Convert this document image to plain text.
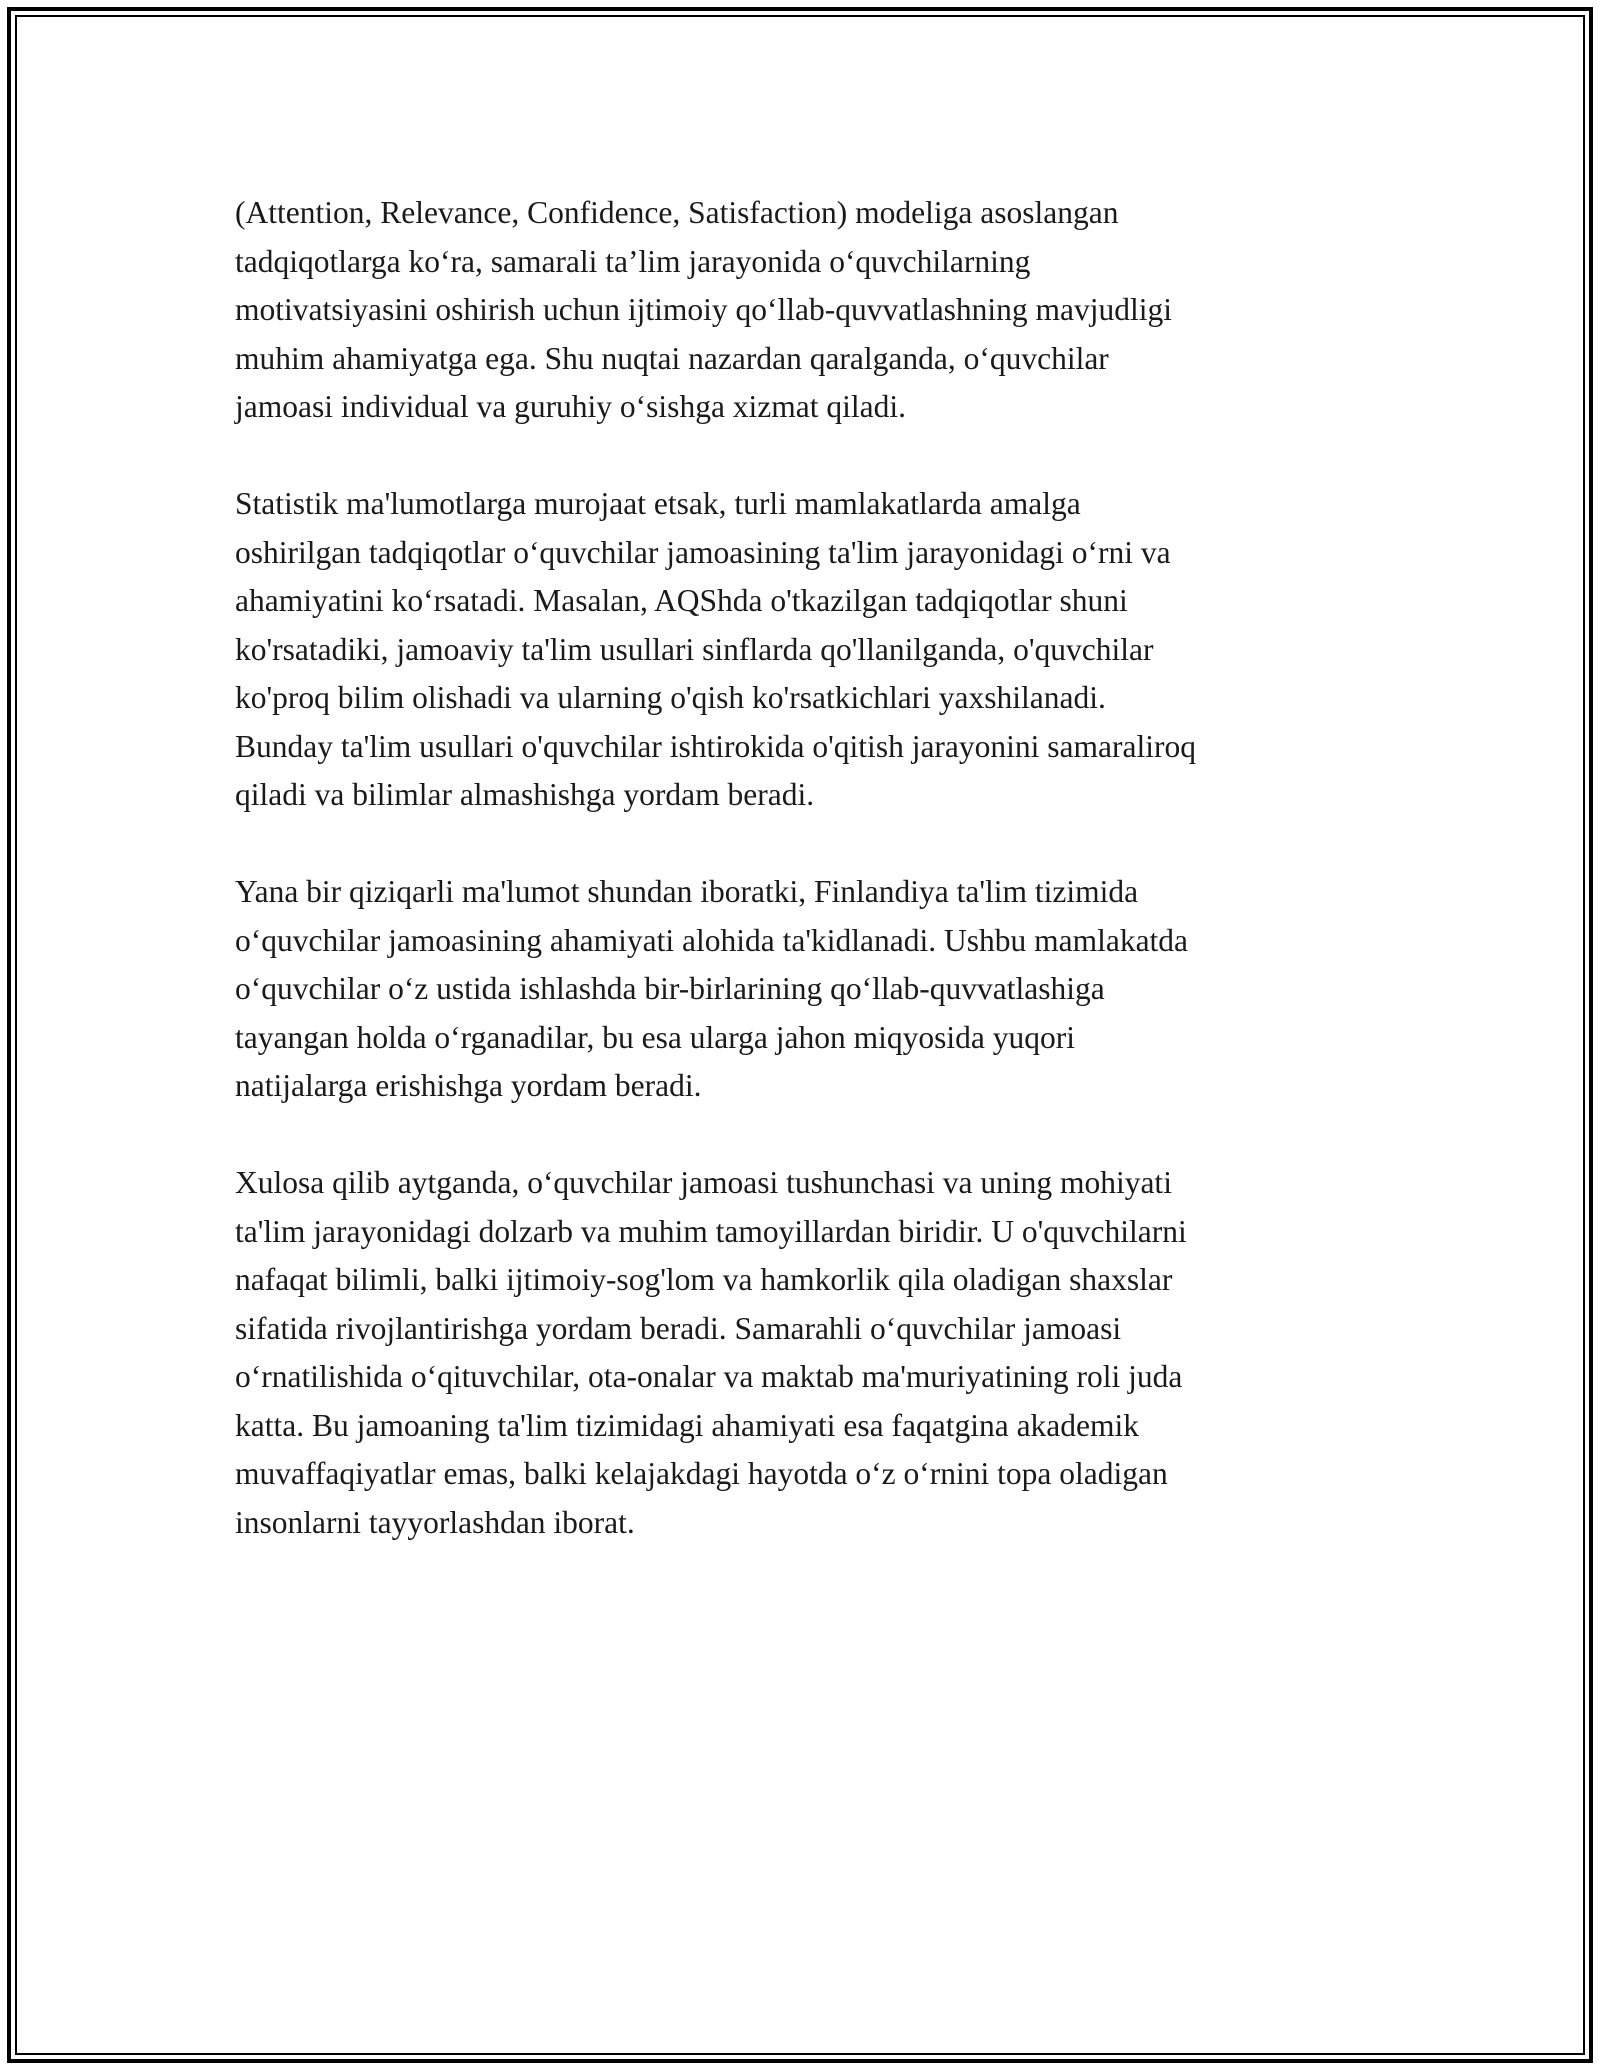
(Attention, Relevance, Confidence, Satisfaction) modeliga asoslangan
tadqiqotlarga ko‘ra, samarali ta’lim jarayonida o‘quvchilarning
motivatsiyasini oshirish uchun ijtimoiy qo‘llab-quvvatlashning mavjudligi
muhim ahamiyatga ega. Shu nuqtai nazardan qaralganda, o‘quvchilar
jamoasi individual va guruhiy o‘sishga xizmat qiladi.

Statistik ma'lumotlarga murojaat etsak, turli mamlakatlarda amalga
oshirilgan tadqiqotlar o‘quvchilar jamoasining ta'lim jarayonidagi o‘rni va
ahamiyatini ko‘rsatadi. Masalan, AQShda o'tkazilgan tadqiqotlar shuni
ko'rsatadiki, jamoaviy ta'lim usullari sinflarda qo'llanilganda, o'quvchilar
ko'proq bilim olishadi va ularning o'qish ko'rsatkichlari yaxshilanadi.
Bunday ta'lim usullari o'quvchilar ishtirokida o'qitish jarayonini samaraliroq
qiladi va bilimlar almashishga yordam beradi.

Yana bir qiziqarli ma'lumot shundan iboratki, Finlandiya ta'lim tizimida
o‘quvchilar jamoasining ahamiyati alohida ta'kidlanadi. Ushbu mamlakatda
o‘quvchilar o‘z ustida ishlashda bir-birlarining qo‘llab-quvvatlashiga
tayangan holda o‘rganadilar, bu esa ularga jahon miqyosida yuqori
natijalarga erishishga yordam beradi.

Xulosa qilib aytganda, o‘quvchilar jamoasi tushunchasi va uning mohiyati
ta'lim jarayonidagi dolzarb va muhim tamoyillardan biridir. U o'quvchilarni
nafaqat bilimli, balki ijtimoiy-sog'lom va hamkorlik qila oladigan shaxslar
sifatida rivojlantirishga yordam beradi. Samarahli o‘quvchilar jamoasi
o‘rnatilishida o‘qituvchilar, ota-onalar va maktab ma'muriyatining roli juda
katta. Bu jamoaning ta'lim tizimidagi ahamiyati esa faqatgina akademik
muvaffaqiyatlar emas, balki kelajakdagi hayotda o‘z o‘rnini topa oladigan
insonlarni tayyorlashdan iborat.
